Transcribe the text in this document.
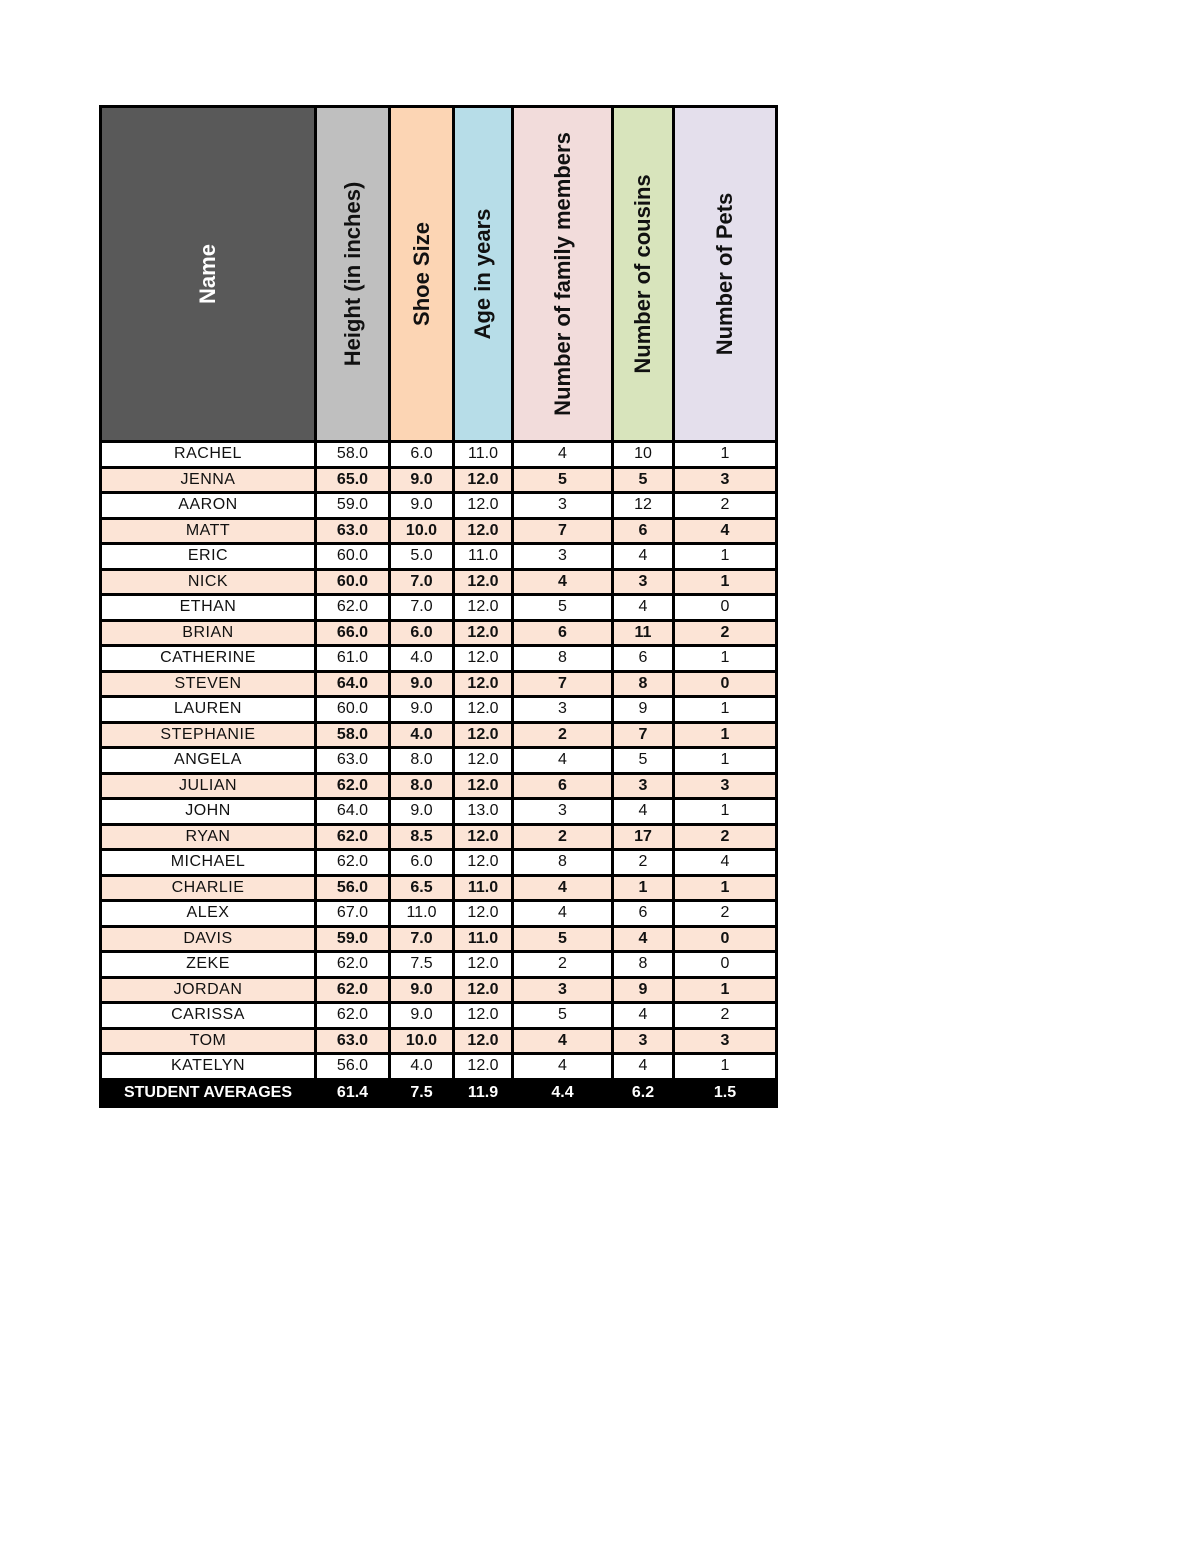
Name	Height (in inches)	Shoe Size	Age in years	Number of family members	Number of cousins	Number of Pets

RACHEL	58.0	6.0	11.0	4	10	1
JENNA	65.0	9.0	12.0	5	5	3
AARON	59.0	9.0	12.0	3	12	2
MATT	63.0	10.0	12.0	7	6	4
ERIC	60.0	5.0	11.0	3	4	1
NICK	60.0	7.0	12.0	4	3	1
ETHAN	62.0	7.0	12.0	5	4	0
BRIAN	66.0	6.0	12.0	6	11	2
CATHERINE	61.0	4.0	12.0	8	6	1
STEVEN	64.0	9.0	12.0	7	8	0
LAUREN	60.0	9.0	12.0	3	9	1
STEPHANIE	58.0	4.0	12.0	2	7	1
ANGELA	63.0	8.0	12.0	4	5	1
JULIAN	62.0	8.0	12.0	6	3	3
JOHN	64.0	9.0	13.0	3	4	1
RYAN	62.0	8.5	12.0	2	17	2
MICHAEL	62.0	6.0	12.0	8	2	4
CHARLIE	56.0	6.5	11.0	4	1	1
ALEX	67.0	11.0	12.0	4	6	2
DAVIS	59.0	7.0	11.0	5	4	0
ZEKE	62.0	7.5	12.0	2	8	0
JORDAN	62.0	9.0	12.0	3	9	1
CARISSA	62.0	9.0	12.0	5	4	2
TOM	63.0	10.0	12.0	4	3	3
KATELYN	56.0	4.0	12.0	4	4	1
STUDENT AVERAGES	61.4	7.5	11.9	4.4	6.2	1.5
